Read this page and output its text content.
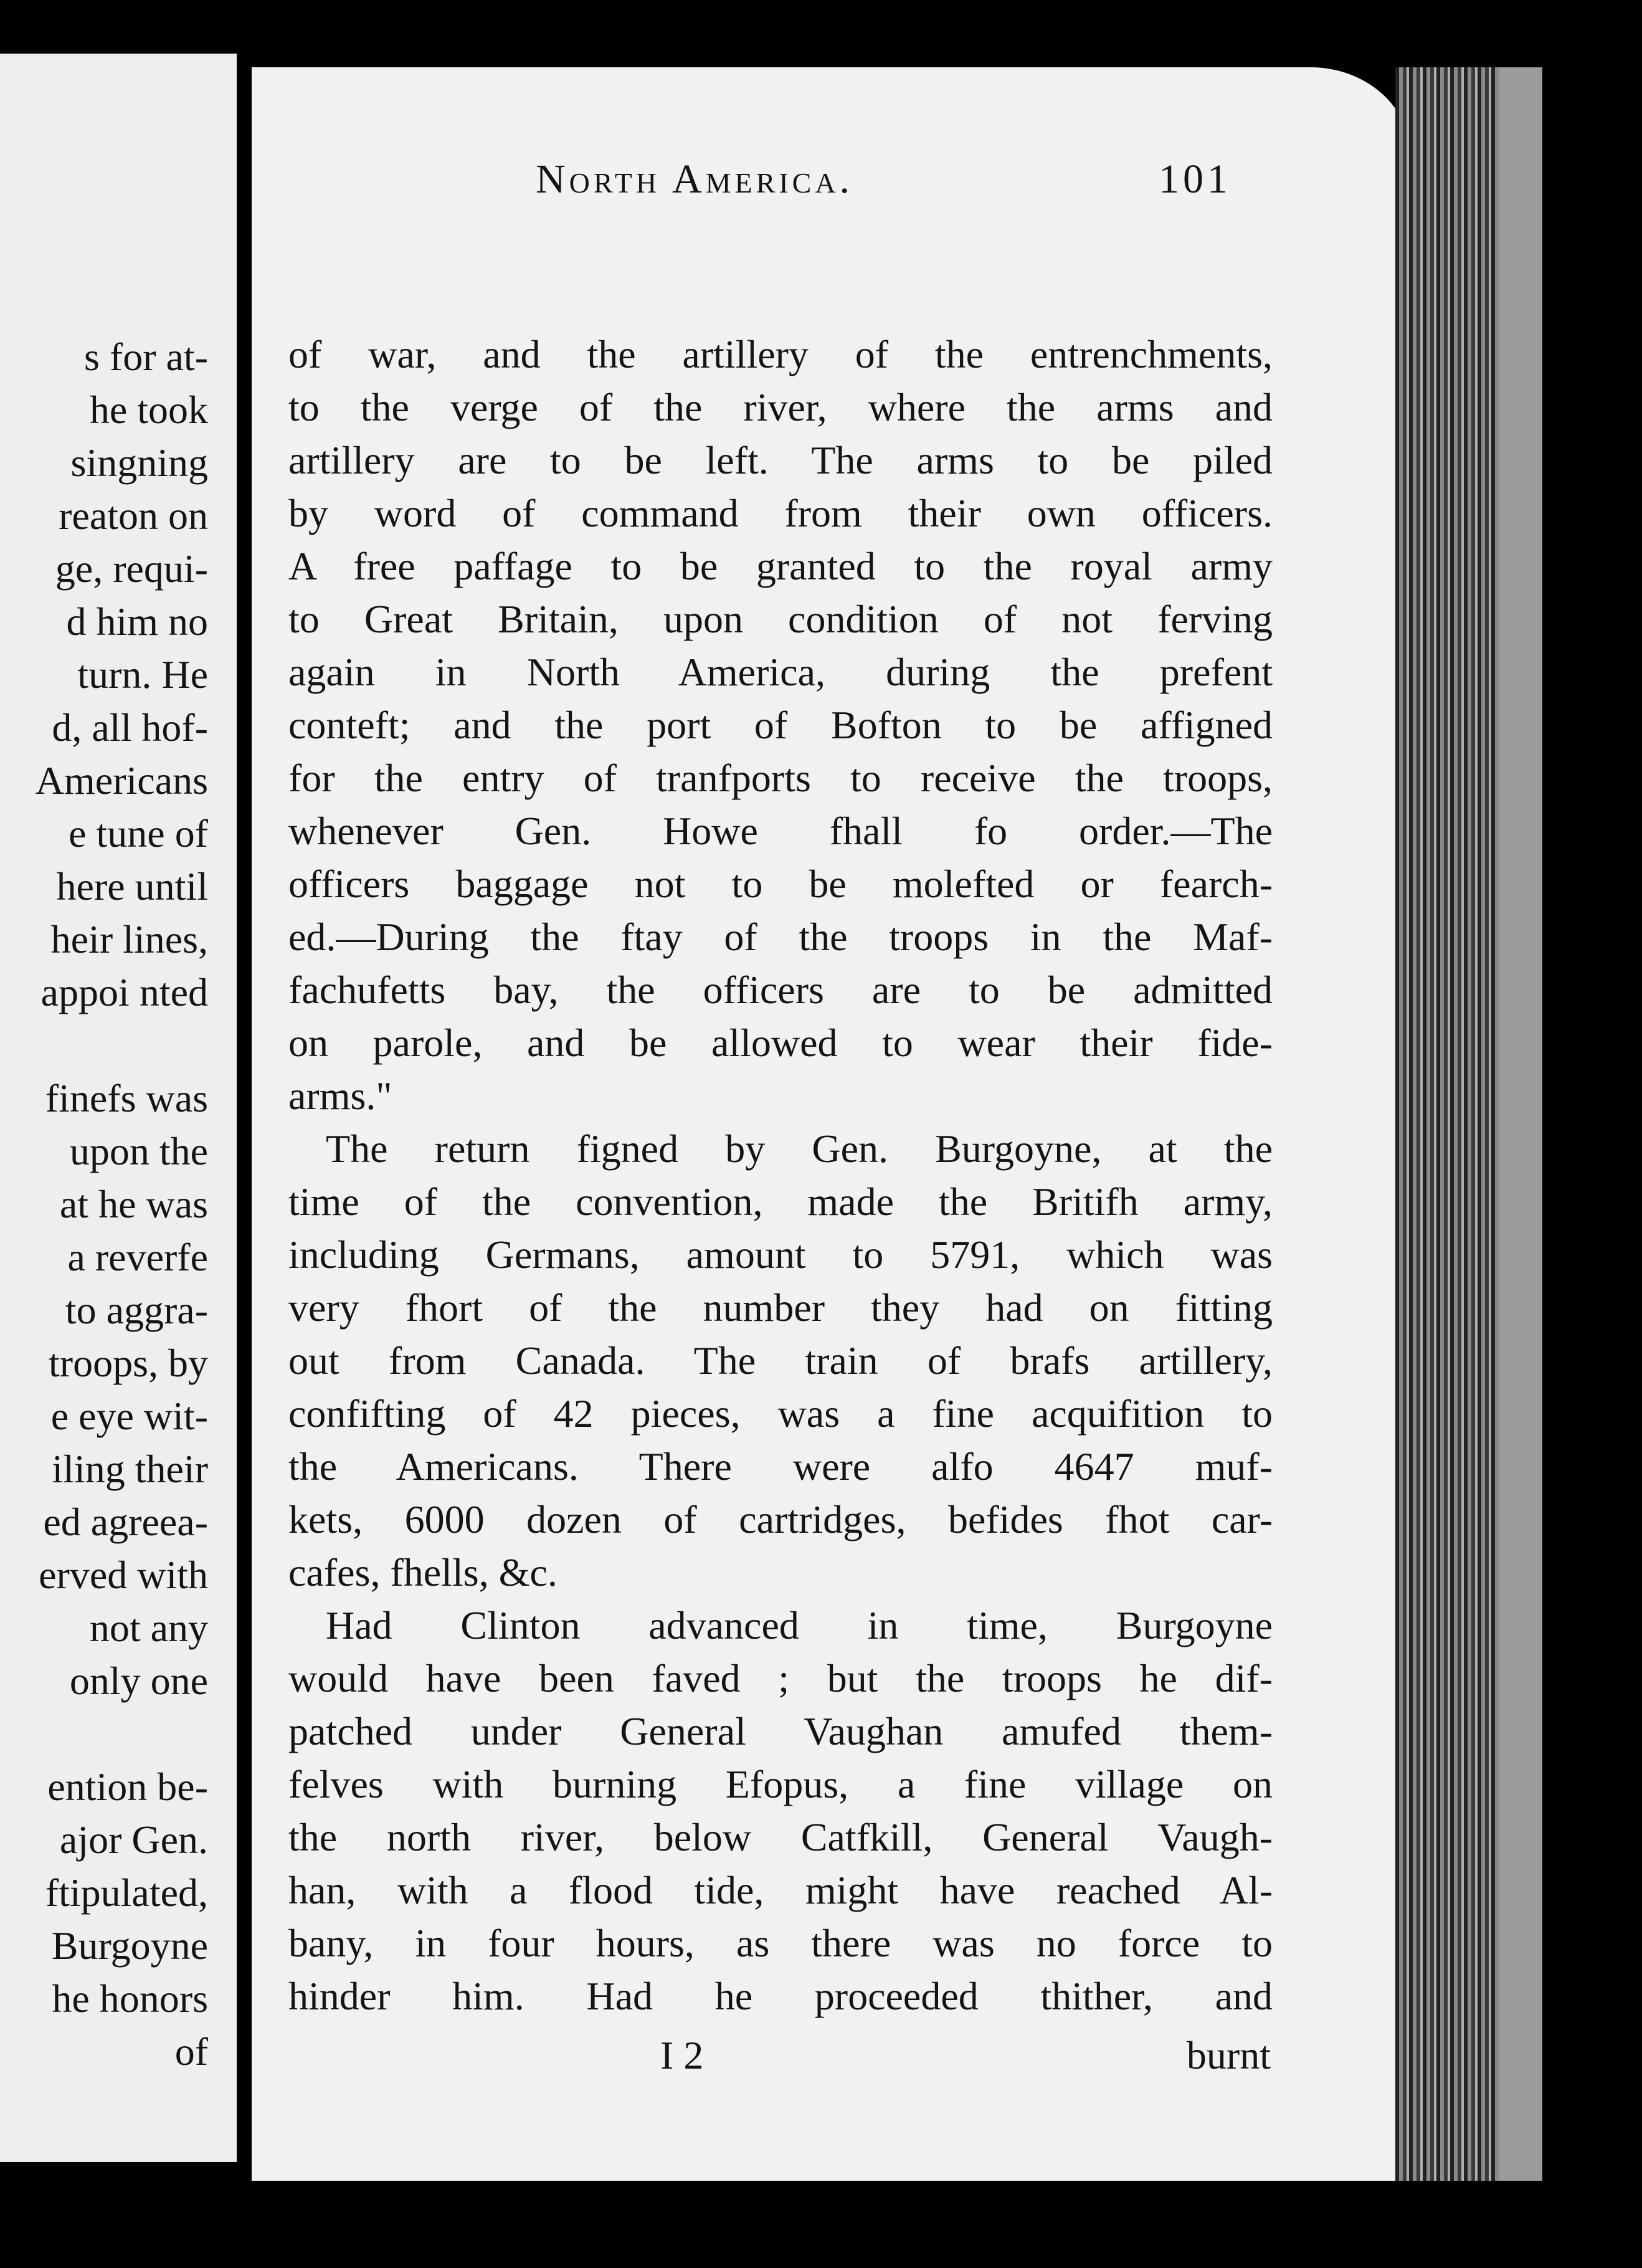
s for at-
he took
singning
reaton on
ge, requi-
d him no
turn. He
d, all hof-
Americans
e tune of
here until
heir lines,
appoi nted
finefs was
upon the
at he was
a reverfe
to aggra-
troops, by
e eye wit-
iling their
ed agreea-
erved with
not any
only one
ention be-
ajor Gen.
ftipulated,
Burgoyne
he honors
of
North America.	101
of war, and the artillery of the entrenchments,
to the verge of the river, where the arms and
artillery are to be left. The arms to be piled
by word of command from their own officers.
A free paffage to be granted to the royal army
to Great Britain, upon condition of not ferving
again in North America, during the prefent
conteft; and the port of Bofton to be affigned
for the entry of tranfports to receive the troops,
whenever Gen. Howe fhall fo order.—The
officers baggage not to be molefted or fearch-
ed.—During the ftay of the troops in the Maf-
fachufetts bay, the officers are to be admitted
on parole, and be allowed to wear their fide-
arms."
The return figned by Gen. Burgoyne, at the
time of the convention, made the Britifh army,
including Germans, amount to 5791, which was
very fhort of the number they had on fitting
out from Canada. The train of brafs artillery,
confifting of 42 pieces, was a fine acquifition to
the Americans. There were alfo 4647 muf-
kets, 6000 dozen of cartridges, befides fhot car-
cafes, fhells, &c.
Had Clinton advanced in time, Burgoyne
would have been faved ; but the troops he dif-
patched under General Vaughan amufed them-
felves with burning Efopus, a fine village on
the north river, below Catfkill, General Vaugh-
han, with a flood tide, might have reached Al-
bany, in four hours, as there was no force to
hinder him. Had he proceeded thither, and
I 2	burnt
